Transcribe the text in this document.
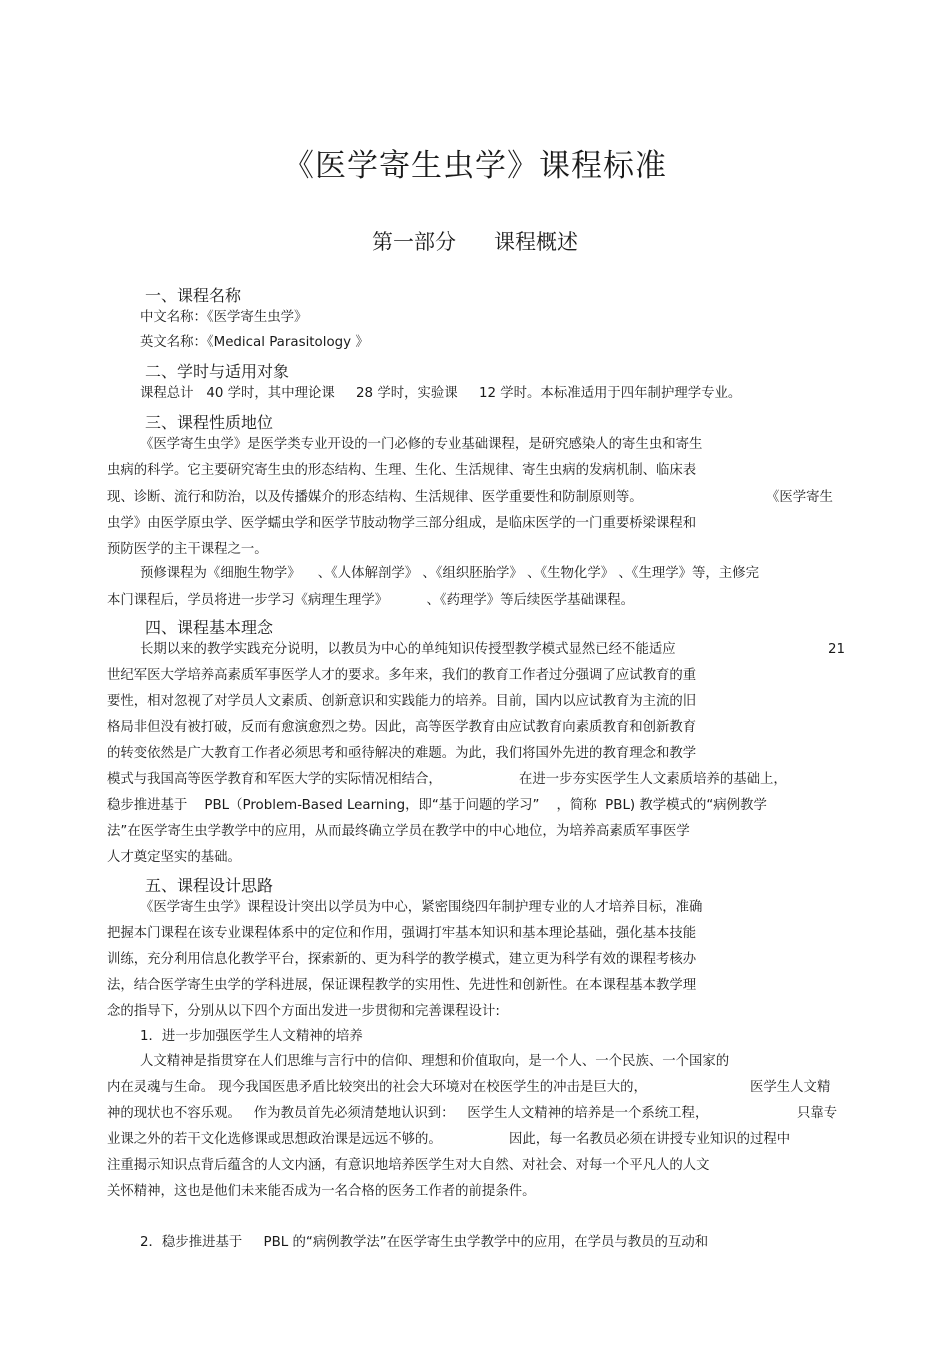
《医学寄生虫学》课程标准
第一部分 课程概述
一、课程名称
中文名称：《医学寄生虫学》
英文名称：《Medical Parasitology 》
二、学时与适用对象
课程总计   40 学时，其中理论课     28 学时，实验课     12 学时。本标准适用于四年制护理学专业。
三、课程性质地位
《医学寄生虫学》是医学类专业开设的一门必修的专业基础课程，是研究感染人的寄生虫和寄生
虫病的科学。它主要研究寄生虫的形态结构、生理、生化、生活规律、寄生虫病的发病机制、临床表
现、诊断、流行和防治，以及传播媒介的形态结构、生活规律、医学重要性和防制原则等。	《医学寄生
虫学》由医学原虫学、医学蠕虫学和医学节肢动物学三部分组成，是临床医学的一门重要桥梁课程和
预防医学的主干课程之一。
预修课程为《细胞生物学》    、《人体解剖学》 、《组织胚胎学》 、《生物化学》 、《生理学》等，主修完
本门课程后，学员将进一步学习《病理生理学》         、《药理学》等后续医学基础课程。
四、课程基本理念
长期以来的教学实践充分说明，以教员为中心的单纯知识传授型教学模式显然已经不能适应	21
世纪军医大学培养高素质军事医学人才的要求。多年来，我们的教育工作者过分强调了应试教育的重
要性，相对忽视了对学员人文素质、创新意识和实践能力的培养。目前，国内以应试教育为主流的旧
格局非但没有被打破，反而有愈演愈烈之势。因此，高等医学教育由应试教育向素质教育和创新教育
的转变依然是广大教育工作者必须思考和亟待解决的难题。为此，我们将国外先进的教育理念和教学
模式与我国高等医学教育和军医大学的实际情况相结合，	在进一步夯实医学生人文素质培养的基础上，
稳步推进基于    PBL（Problem-Based Learning，即“基于问题的学习”    ，简称  PBL) 教学模式的“病例教学
法”在医学寄生虫学教学中的应用，从而最终确立学员在教学中的中心地位，为培养高素质军事医学
人才奠定坚实的基础。
五、课程设计思路
《医学寄生虫学》课程设计突出以学员为中心，紧密围绕四年制护理专业的人才培养目标，准确
把握本门课程在该专业课程体系中的定位和作用，强调打牢基本知识和基本理论基础，强化基本技能
训练，充分利用信息化教学平台，探索新的、更为科学的教学模式，建立更为科学有效的课程考核办
法，结合医学寄生虫学的学科进展，保证课程教学的实用性、先进性和创新性。在本课程基本教学理
念的指导下，分别从以下四个方面出发进一步贯彻和完善课程设计:
1．进一步加强医学生人文精神的培养
人文精神是指贯穿在人们思维与言行中的信仰、理想和价值取向，是一个人、一个民族、一个国家的
内在灵魂与生命。 现今我国医患矛盾比较突出的社会大环境对在校医学生的冲击是巨大的，	医学生人文精
神的现状也不容乐观。   作为教员首先必须清楚地认识到：   医学生人文精神的培养是一个系统工程，	只靠专
业课之外的若干文化选修课或思想政治课是远远不够的。	因此，每一名教员必须在讲授专业知识的过程中
注重揭示知识点背后蕴含的人文内涵，有意识地培养医学生对大自然、对社会、对每一个平凡人的人文
关怀精神，这也是他们未来能否成为一名合格的医务工作者的前提条件。
2．稳步推进基于     PBL 的“病例教学法”在医学寄生虫学教学中的应用，在学员与教员的互动和
